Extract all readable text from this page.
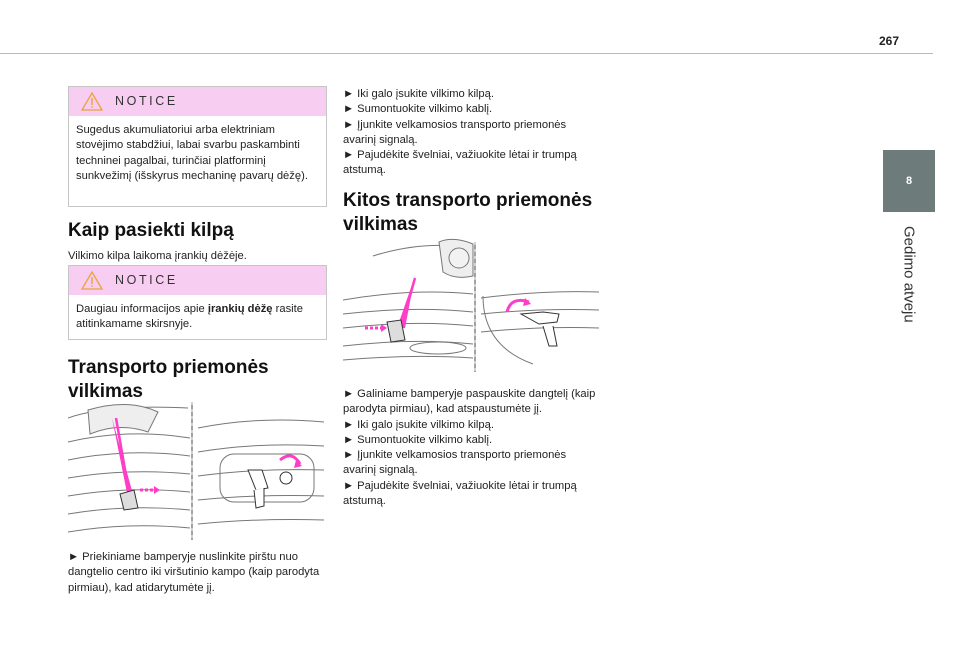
267
8
Gedimo atveju
NOTICE
Sugedus akumuliatoriui arba elektriniam stovėjimo stabdžiui, labai svarbu paskambinti techninei pagalbai, turinčiai platforminį sunkvežimį (išskyrus mechaninę pavarų dėžę).
Kaip pasiekti kilpą
Vilkimo kilpa laikoma įrankių dėžėje.
NOTICE
Daugiau informacijos apie įrankių dėžę rasite atitinkamame skirsnyje.
Transporto priemonės
vilkimas
► Priekiniame bamperyje nuslinkite pirštu nuo dangtelio centro iki viršutinio kampo (kaip parodyta pirmiau), kad atidarytumėte jį.
► Iki galo įsukite vilkimo kilpą.
► Sumontuokite vilkimo kablį.
► Įjunkite velkamosios transporto priemonės avarinį signalą.
► Pajudėkite švelniai, važiuokite lėtai ir trumpą atstumą.
Kitos transporto priemonės
vilkimas
► Galiniame bamperyje paspauskite dangtelį (kaip parodyta pirmiau), kad atspaustumėte jį.
► Iki galo įsukite vilkimo kilpą.
► Sumontuokite vilkimo kablį.
► Įjunkite velkamosios transporto priemonės avarinį signalą.
► Pajudėkite švelniai, važiuokite lėtai ir trumpą atstumą.
